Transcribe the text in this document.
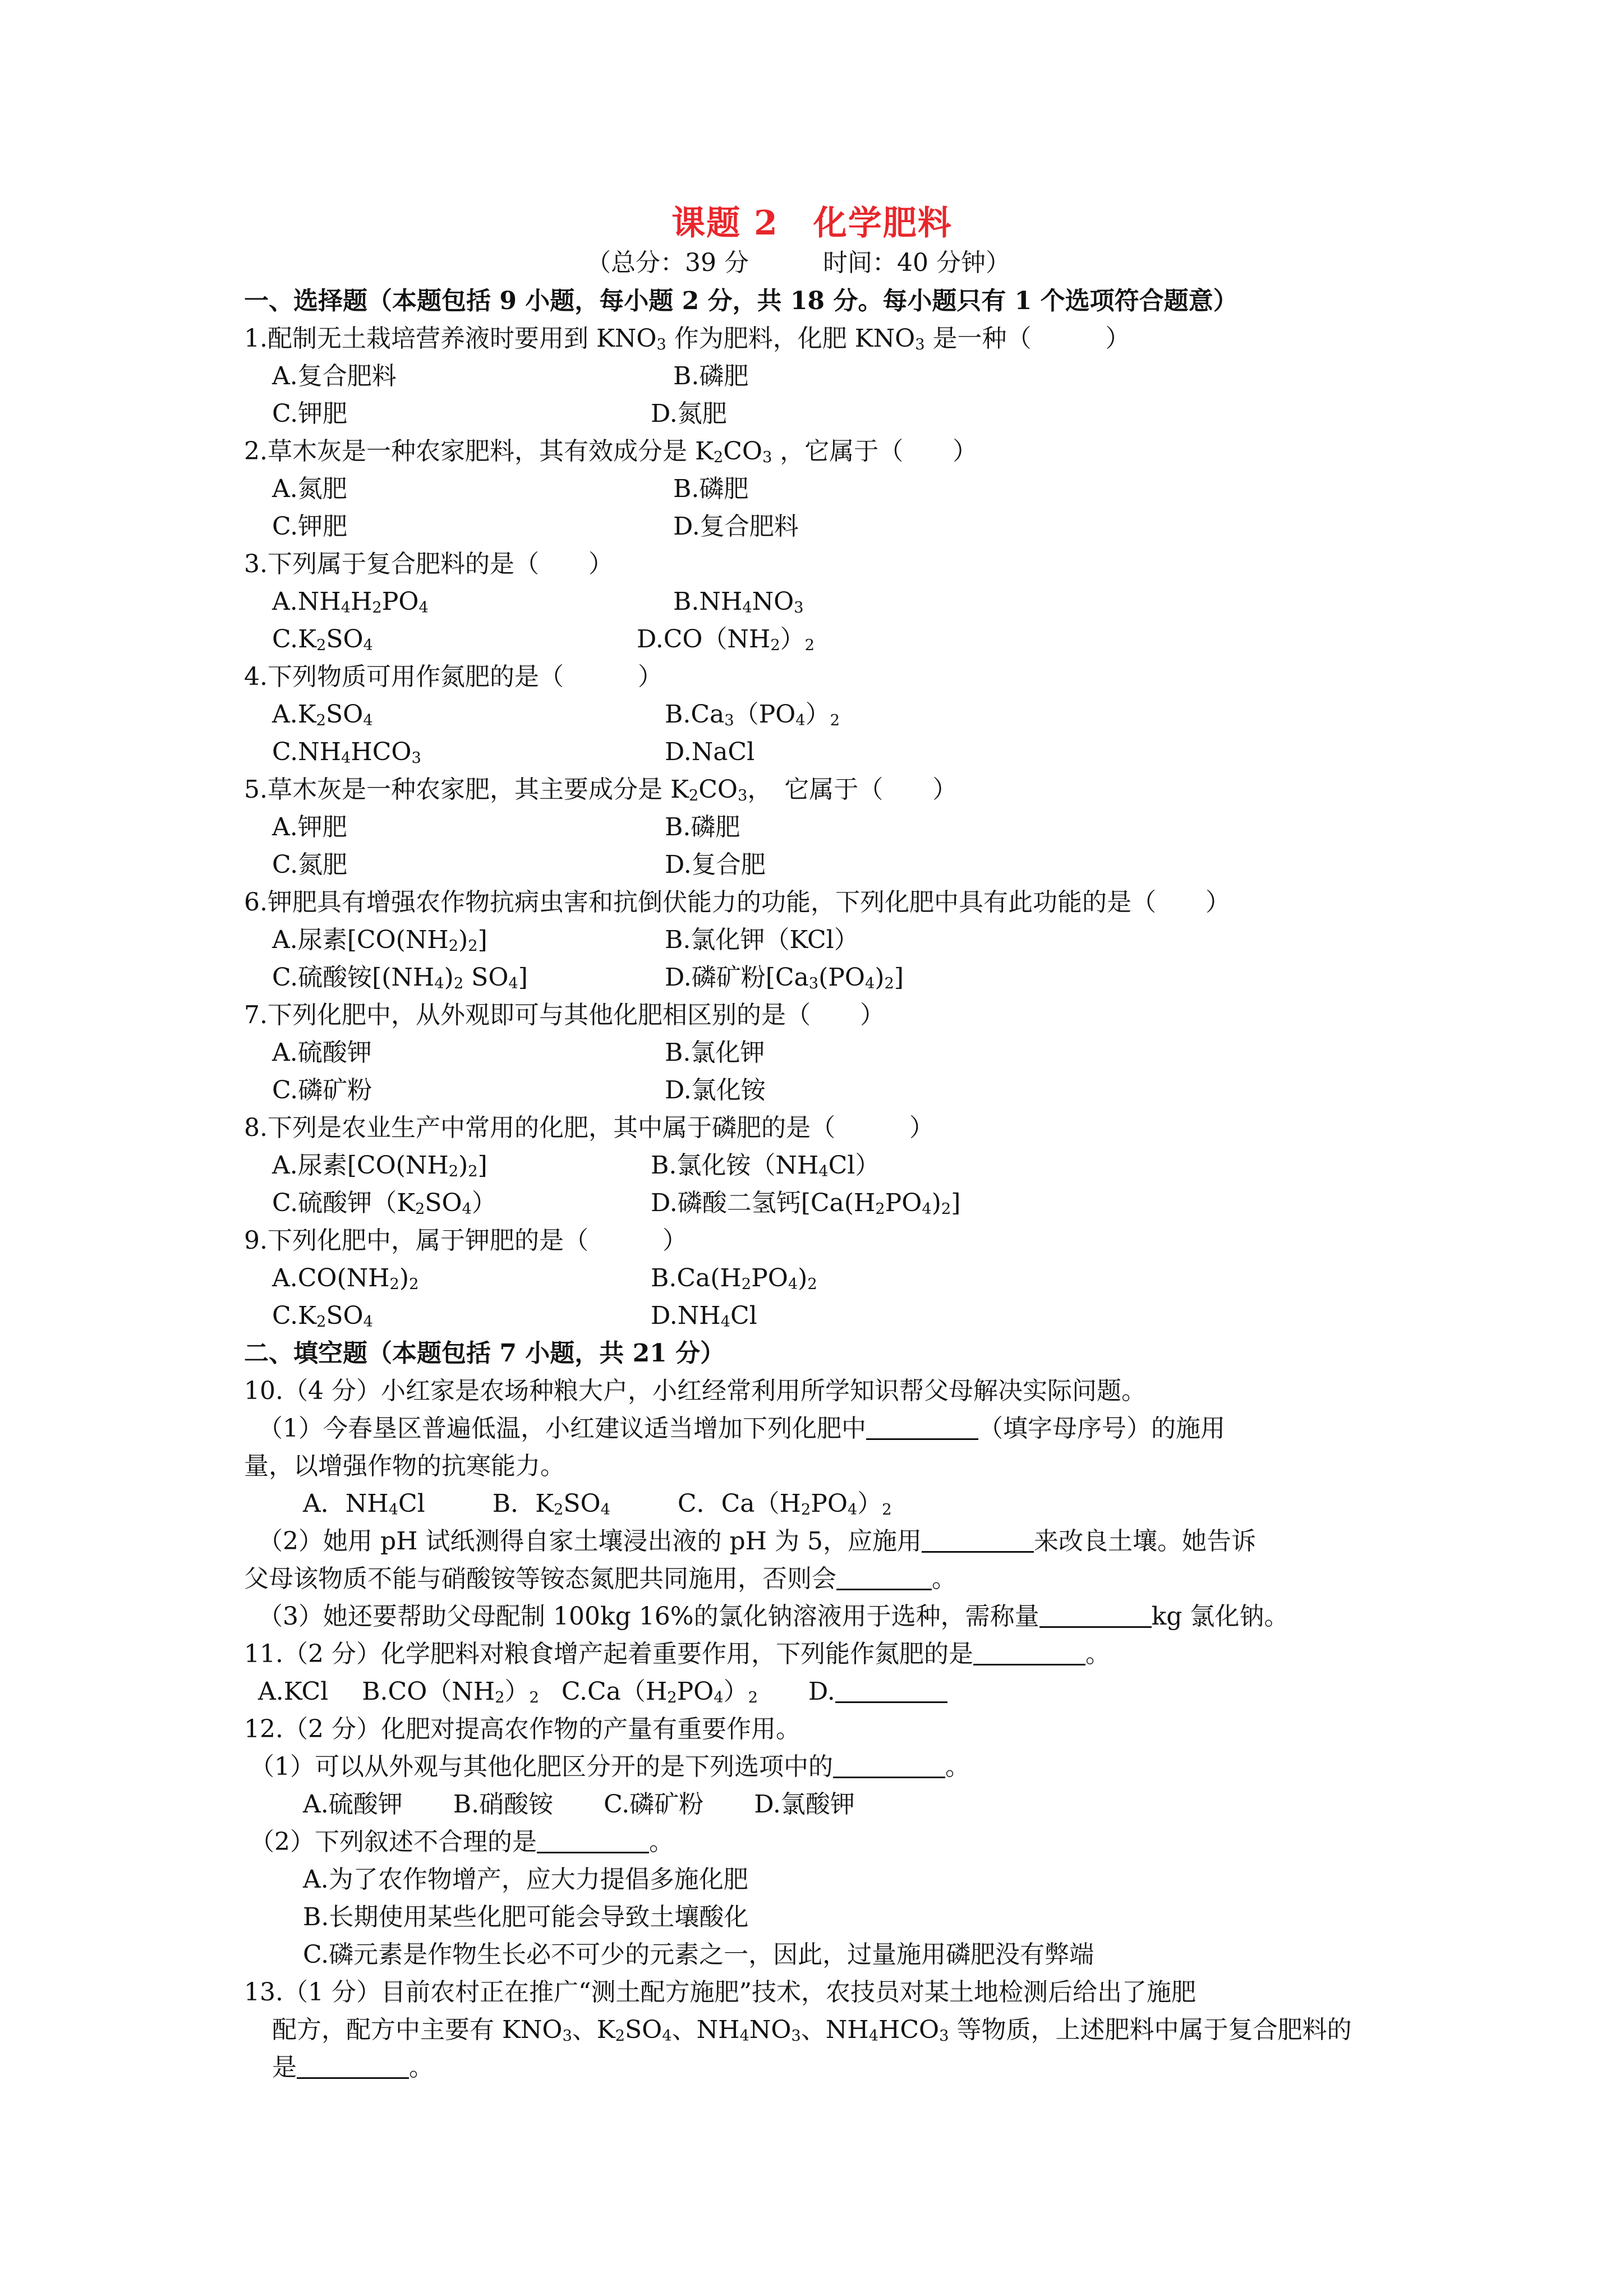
课题 2　化学肥料
（总分：39 分　　　时间：40 分钟）
一、选择题（本题包括 9 小题，每小题 2 分，共 18 分。每小题只有 1 个选项符合题意）
1.配制无土栽培营养液时要用到 $KNO_3$ 作为肥料，化肥 $KNO_3$ 是一种（　　　）
A.复合肥料	B.磷肥
C.钾肥	D.氮肥
2.草木灰是一种农家肥料，其有效成分是 $K_2CO_3$ ，它属于（　　）
A.氮肥	B.磷肥
C.钾肥	D.复合肥料
3.下列属于复合肥料的是（　　）
$A.NH_4H_2PO_4$	$B.NH_4NO_3$
$C.K_2SO_4$	$D.CO(NH_2)_2$
4.下列物质可用作氮肥的是（　　　）
$A.K_2SO_4$	$B.Ca_3(PO_4)_2$
$C.NH_4HCO_3$	D.NaCl
5.草木灰是一种农家肥，其主要成分是 $K_2CO_3$，　它属于（　　）
A.钾肥	B.磷肥
C.氮肥	D.复合肥
6.钾肥具有增强农作物抗病虫害和抗倒伏能力的功能，下列化肥中具有此功能的是（　　）
A.尿素$[CO(NH_2)_2]$	B.氯化钾（KCl）
C.硫酸铵[$(NH_4)_2$ $SO_4$]	D.磷矿粉$[Ca_3(PO_4)_2]$
7.下列化肥中，从外观即可与其他化肥相区别的是（　　）
A.硫酸钾	B.氯化钾
C.磷矿粉	D.氯化铵
8.下列是农业生产中常用的化肥，其中属于磷肥的是（　　　）
A.尿素$[CO(NH_2)_2]$	B.氯化铵$(NH_4Cl)$
C.硫酸钾$(K_2SO_4)$	D.磷酸二氢钙$[Ca(H_2PO_4)_2]$
9.下列化肥中，属于钾肥的是（　　　）
$A.CO(NH_2)_2$	$B.Ca(H_2PO_4)_2$
$C.K_2SO_4$	$D.NH_4Cl$
二、填空题（本题包括 7 小题，共 21 分）
10.（4 分）小红家是农场种粮大户，小红经常利用所学知识帮父母解决实际问题。
（1）今春垦区普遍低温，小红建议适当增加下列化肥中	（填字母序号）的施用
量，以增强作物的抗寒能力。
A．$NH_4Cl$	B．$K_2SO_4$	C．$Ca(H_2PO_4)_2$
（2）她用 pH 试纸测得自家土壤浸出液的 pH 为 5，应施用	来改良土壤。她告诉
父母该物质不能与硝酸铵等铵态氮肥共同施用，否则会	。
（3）她还要帮助父母配制 100kg 16%的氯化钠溶液用于选种，需称量	kg 氯化钠。
11.（2 分）化学肥料对粮食增产起着重要作用，下列能作氮肥的是	。
A.KCl $B.CO(NH_2)_2$ $C.Ca(H_2PO_4)_2$ D.
12.（2 分）化肥对提高农作物的产量有重要作用。
（1）可以从外观与其他化肥区分开的是下列选项中的	。
A.硫酸钾 B.硝酸铵 C.磷矿粉 D.氯酸钾
（2）下列叙述不合理的是	。
A.为了农作物增产，应大力提倡多施化肥
B.长期使用某些化肥可能会导致土壤酸化
C.磷元素是作物生长必不可少的元素之一，因此，过量施用磷肥没有弊端
13.（1 分）目前农村正在推广“测土配方施肥”技术，农技员对某土地检测后给出了施肥
配方，配方中主要有 $KNO_3$、$K_2SO_4$、$NH_4NO_3$、$NH_4HCO_3$ 等物质，上述肥料中属于复合肥料的
是	。
